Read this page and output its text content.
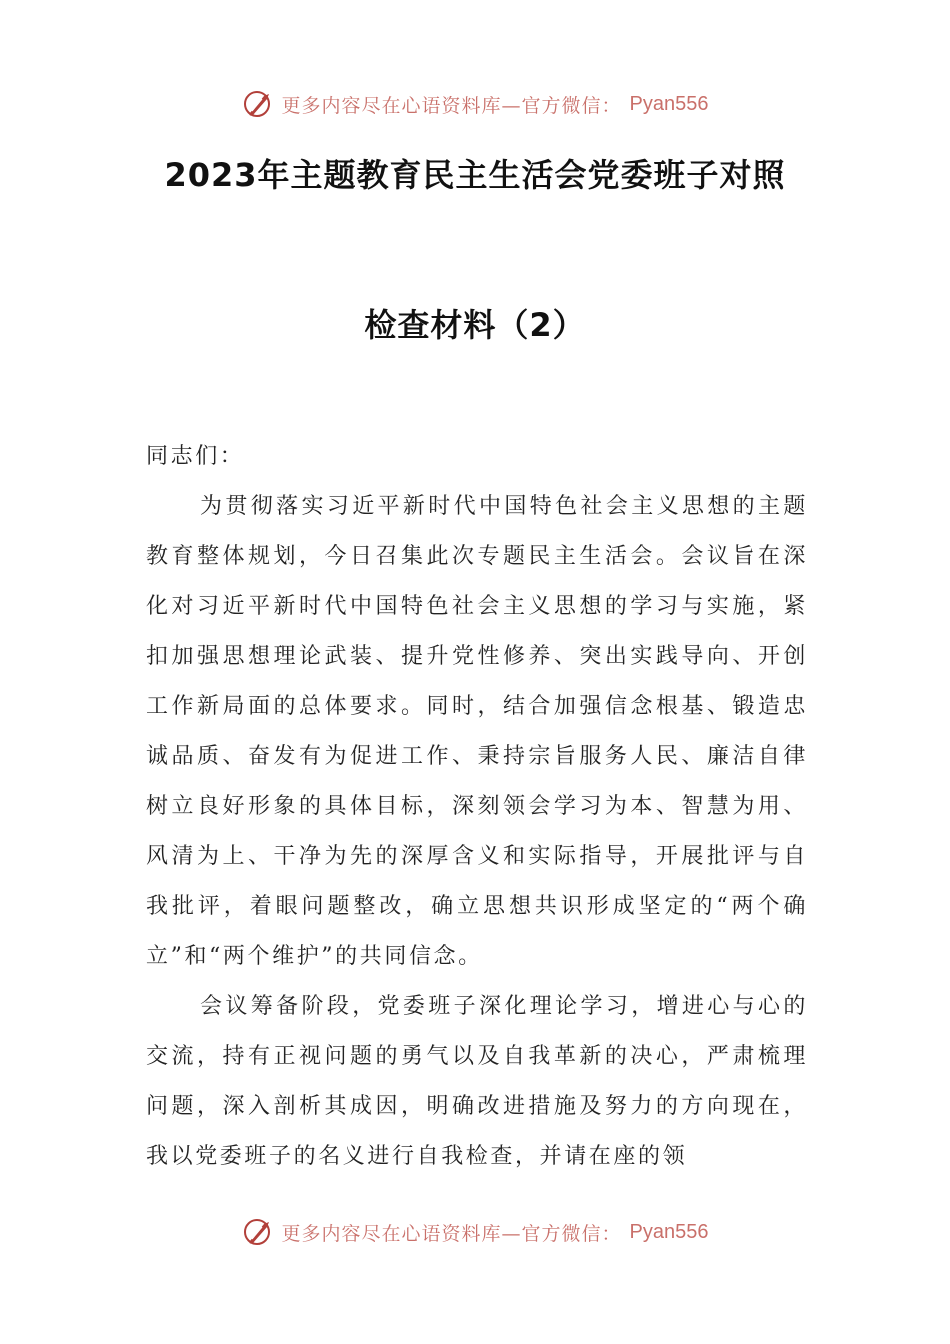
更多内容尽在心语资料库—官方微信： Pyan556
2023年主题教育民主生活会党委班子对照
检查材料（2）

同志们：

为贯彻落实习近平新时代中国特色社会主义思想的主题教育整体规划，今日召集此次专题民主生活会。会议旨在深化对习近平新时代中国特色社会主义思想的学习与实施，紧扣加强思想理论武装、提升党性修养、突出实践导向、开创工作新局面的总体要求。同时，结合加强信念根基、锻造忠诚品质、奋发有为促进工作、秉持宗旨服务人民、廉洁自律树立良好形象的具体目标，深刻领会学习为本、智慧为用、风清为上、干净为先的深厚含义和实际指导，开展批评与自我批评，着眼问题整改，确立思想共识形成坚定的“两个确立”和“两个维护”的共同信念。

会议筹备阶段，党委班子深化理论学习，增进心与心的交流，持有正视问题的勇气以及自我革新的决心，严肃梳理问题，深入剖析其成因，明确改进措施及努力的方向现在，我以党委班子的名义进行自我检查，并请在座的领

更多内容尽在心语资料库—官方微信： Pyan556
